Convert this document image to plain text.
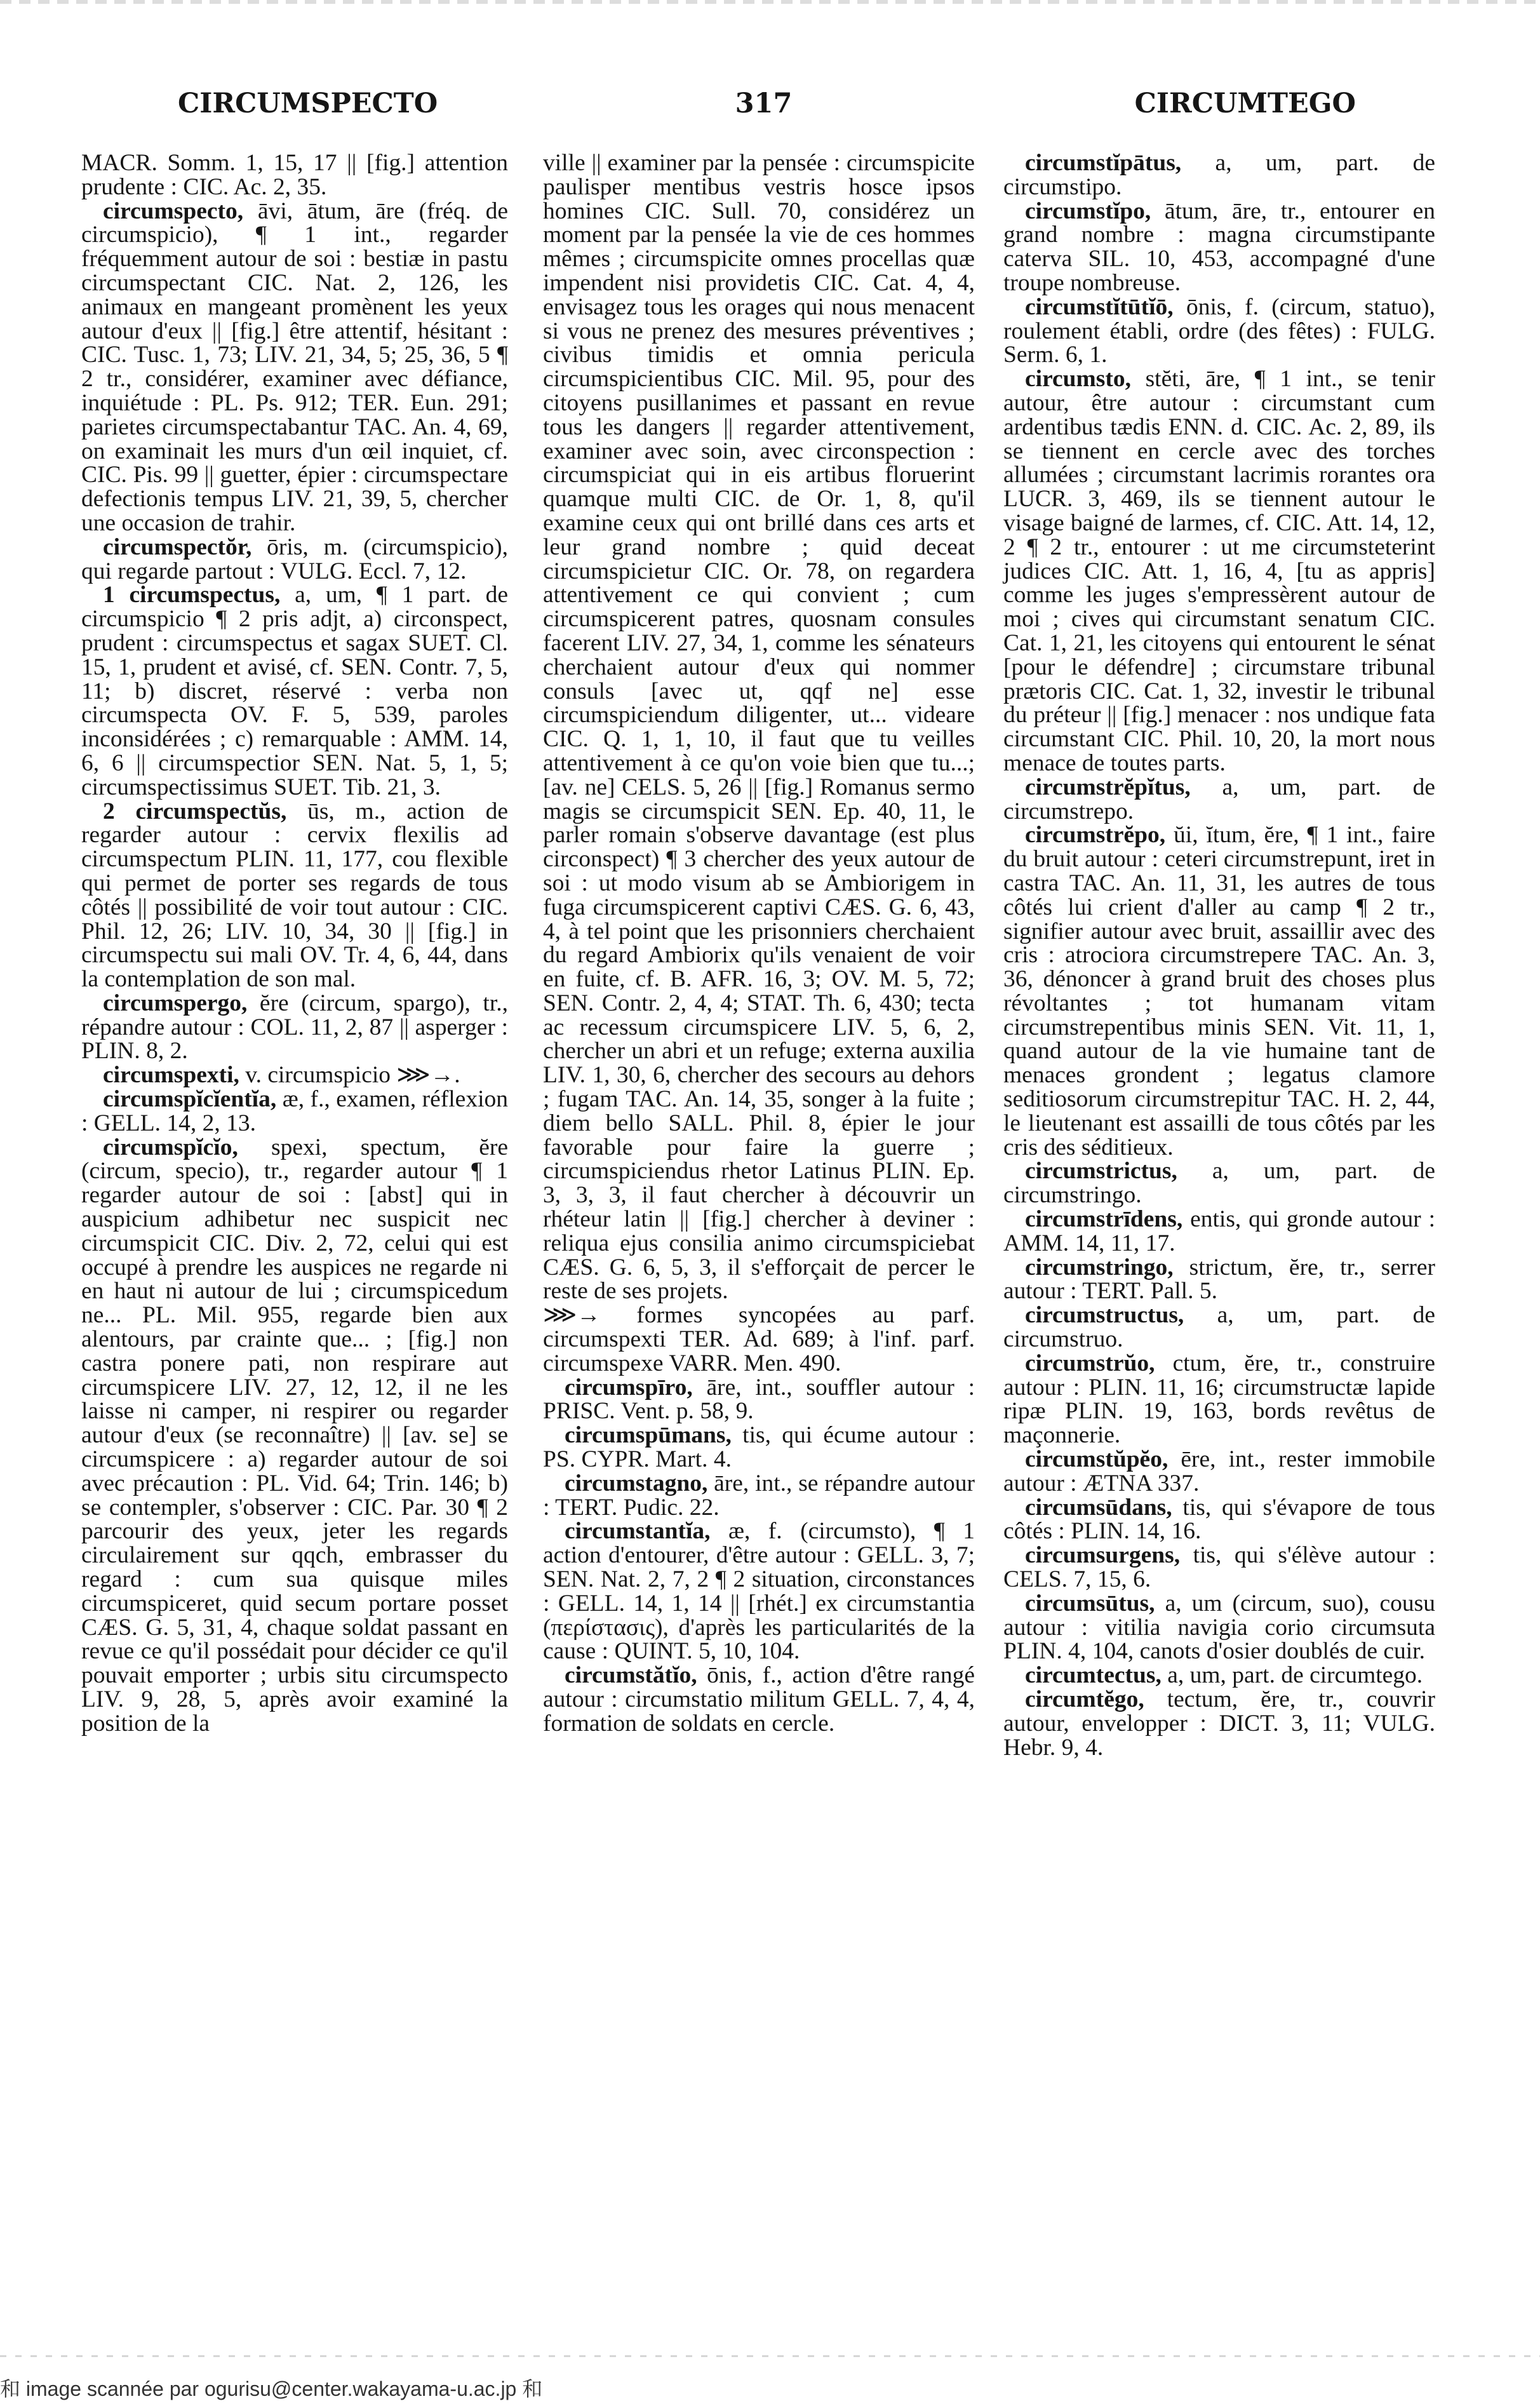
CIRCUMSPECTO	317	CIRCUMTEGO

MACR. Somm. 1, 15, 17 || [fig.] attention prudente : CIC. Ac. 2, 35.

circumspecto, āvi, ātum, āre (fréq. de circumspicio), ¶ 1 int., regarder fréquemment autour de soi : bestiæ in pastu circumspectant CIC. Nat. 2, 126, les animaux en mangeant promènent les yeux autour d'eux || [fig.] être attentif, hésitant : CIC. Tusc. 1, 73; LIV. 21, 34, 5; 25, 36, 5 ¶ 2 tr., considérer, examiner avec défiance, inquiétude : PL. Ps. 912; TER. Eun. 291; parietes circumspectabantur TAC. An. 4, 69, on examinait les murs d'un œil inquiet, cf. CIC. Pis. 99 || guetter, épier : circumspectare defectionis tempus LIV. 21, 39, 5, chercher une occasion de trahir.

circumspectŏr, ōris, m. (circumspicio), qui regarde partout : VULG. Eccl. 7, 12.

1 circumspectus, a, um, ¶ 1 part. de circumspicio ¶ 2 pris adjt, a) circonspect, prudent : circumspectus et sagax SUET. Cl. 15, 1, prudent et avisé, cf. SEN. Contr. 7, 5, 11; b) discret, réservé : verba non circumspecta OV. F. 5, 539, paroles inconsidérées ; c) remarquable : AMM. 14, 6, 6 || circumspectior SEN. Nat. 5, 1, 5; circumspectissimus SUET. Tib. 21, 3.

2 circumspectŭs, ūs, m., action de regarder autour : cervix flexilis ad circumspectum PLIN. 11, 177, cou flexible qui permet de porter ses regards de tous côtés || possibilité de voir tout autour : CIC. Phil. 12, 26; LIV. 10, 34, 30 || [fig.] in circumspectu sui mali OV. Tr. 4, 6, 44, dans la contemplation de son mal.

circumspergo, ĕre (circum, spargo), tr., répandre autour : COL. 11, 2, 87 || asperger : PLIN. 8, 2.

circumspexti, v. circumspicio ⋙→.

circumspĭcĭentĭa, æ, f., examen, réflexion : GELL. 14, 2, 13.

circumspĭcĭo, spexi, spectum, ĕre (circum, specio), tr., regarder autour ¶ 1 regarder autour de soi : [abst] qui in auspicium adhibetur nec suspicit nec circumspicit CIC. Div. 2, 72, celui qui est occupé à prendre les auspices ne regarde ni en haut ni autour de lui ; circumspicedum ne... PL. Mil. 955, regarde bien aux alentours, par crainte que... ; [fig.] non castra ponere pati, non respirare aut circumspicere LIV. 27, 12, 12, il ne les laisse ni camper, ni respirer ou regarder autour d'eux (se reconnaître) || [av. se] se circumspicere : a) regarder autour de soi avec précaution : PL. Vid. 64; Trin. 146; b) se contempler, s'observer : CIC. Par. 30 ¶ 2 parcourir des yeux, jeter les regards circulairement sur qqch, embrasser du regard : cum sua quisque miles circumspiceret, quid secum portare posset CÆS. G. 5, 31, 4, chaque soldat passant en revue ce qu'il possédait pour décider ce qu'il pouvait emporter ; urbis situ circumspecto LIV. 9, 28, 5, après avoir examiné la position de la

ville || examiner par la pensée : circumspicite paulisper mentibus vestris hosce ipsos homines CIC. Sull. 70, considérez un moment par la pensée la vie de ces hommes mêmes ; circumspicite omnes procellas quæ impendent nisi providetis CIC. Cat. 4, 4, envisagez tous les orages qui nous menacent si vous ne prenez des mesures préventives ; civibus timidis et omnia pericula circumspicientibus CIC. Mil. 95, pour des citoyens pusillanimes et passant en revue tous les dangers || regarder attentivement, examiner avec soin, avec circonspection : circumspiciat qui in eis artibus floruerint quamque multi CIC. de Or. 1, 8, qu'il examine ceux qui ont brillé dans ces arts et leur grand nombre ; quid deceat circumspicietur CIC. Or. 78, on regardera attentivement ce qui convient ; cum circumspicerent patres, quosnam consules facerent LIV. 27, 34, 1, comme les sénateurs cherchaient autour d'eux qui nommer consuls [avec ut, qqf ne] esse circumspiciendum diligenter, ut... videare CIC. Q. 1, 1, 10, il faut que tu veilles attentivement à ce qu'on voie bien que tu...; [av. ne] CELS. 5, 26 || [fig.] Romanus sermo magis se circumspicit SEN. Ep. 40, 11, le parler romain s'observe davantage (est plus circonspect) ¶ 3 chercher des yeux autour de soi : ut modo visum ab se Ambiorigem in fuga circumspicerent captivi CÆS. G. 6, 43, 4, à tel point que les prisonniers cherchaient du regard Ambiorix qu'ils venaient de voir en fuite, cf. B. AFR. 16, 3; OV. M. 5, 72; SEN. Contr. 2, 4, 4; STAT. Th. 6, 430; tecta ac recessum circumspicere LIV. 5, 6, 2, chercher un abri et un refuge; externa auxilia LIV. 1, 30, 6, chercher des secours au dehors ; fugam TAC. An. 14, 35, songer à la fuite ; diem bello SALL. Phil. 8, épier le jour favorable pour faire la guerre ; circumspiciendus rhetor Latinus PLIN. Ep. 3, 3, 3, il faut chercher à découvrir un rhéteur latin || [fig.] chercher à deviner : reliqua ejus consilia animo circumspiciebat CÆS. G. 6, 5, 3, il s'efforçait de percer le reste de ses projets.

⋙→ formes syncopées au parf. circumspexti TER. Ad. 689; à l'inf. parf. circumspexe VARR. Men. 490.

circumspīro, āre, int., souffler autour : PRISC. Vent. p. 58, 9.

circumspūmans, tis, qui écume autour : PS. CYPR. Mart. 4.

circumstagno, āre, int., se répandre autour : TERT. Pudic. 22.

circumstantĭa, æ, f. (circumsto), ¶ 1 action d'entourer, d'être autour : GELL. 3, 7; SEN. Nat. 2, 7, 2 ¶ 2 situation, circonstances : GELL. 14, 1, 14 || [rhét.] ex circumstantia (περίστασις), d'après les particularités de la cause : QUINT. 5, 10, 104.

circumstătĭo, ōnis, f., action d'être rangé autour : circumstatio militum GELL. 7, 4, 4, formation de soldats en cercle.

circumstĭpātus, a, um, part. de circumstipo.

circumstĭpo, ātum, āre, tr., entourer en grand nombre : magna circumstipante caterva SIL. 10, 453, accompagné d'une troupe nombreuse.

circumstĭtūtĭō, ōnis, f. (circum, statuo), roulement établi, ordre (des fêtes) : FULG. Serm. 6, 1.

circumsto, stĕti, āre, ¶ 1 int., se tenir autour, être autour : circumstant cum ardentibus tædis ENN. d. CIC. Ac. 2, 89, ils se tiennent en cercle avec des torches allumées ; circumstant lacrimis rorantes ora LUCR. 3, 469, ils se tiennent autour le visage baigné de larmes, cf. CIC. Att. 14, 12, 2 ¶ 2 tr., entourer : ut me circumsteterint judices CIC. Att. 1, 16, 4, [tu as appris] comme les juges s'empressèrent autour de moi ; cives qui circumstant senatum CIC. Cat. 1, 21, les citoyens qui entourent le sénat [pour le défendre] ; circumstare tribunal prætoris CIC. Cat. 1, 32, investir le tribunal du préteur || [fig.] menacer : nos undique fata circumstant CIC. Phil. 10, 20, la mort nous menace de toutes parts.

circumstrĕpĭtus, a, um, part. de circumstrepo.

circumstrĕpo, ŭi, ĭtum, ĕre, ¶ 1 int., faire du bruit autour : ceteri circumstrepunt, iret in castra TAC. An. 11, 31, les autres de tous côtés lui crient d'aller au camp ¶ 2 tr., signifier autour avec bruit, assaillir avec des cris : atrociora circumstrepere TAC. An. 3, 36, dénoncer à grand bruit des choses plus révoltantes ; tot humanam vitam circumstrepentibus minis SEN. Vit. 11, 1, quand autour de la vie humaine tant de menaces grondent ; legatus clamore seditiosorum circumstrepitur TAC. H. 2, 44, le lieutenant est assailli de tous côtés par les cris des séditieux.

circumstrictus, a, um, part. de circumstringo.

circumstrīdens, entis, qui gronde autour : AMM. 14, 11, 17.

circumstringo, strictum, ĕre, tr., serrer autour : TERT. Pall. 5.

circumstructus, a, um, part. de circumstruo.

circumstrŭo, ctum, ĕre, tr., construire autour : PLIN. 11, 16; circumstructæ lapide ripæ PLIN. 19, 163, bords revêtus de maçonnerie.

circumstŭpĕo, ēre, int., rester immobile autour : ÆTNA 337.

circumsūdans, tis, qui s'évapore de tous côtés : PLIN. 14, 16.

circumsurgens, tis, qui s'élève autour : CELS. 7, 15, 6.

circumsūtus, a, um (circum, suo), cousu autour : vitilia navigia corio circumsuta PLIN. 4, 104, canots d'osier doublés de cuir.

circumtectus, a, um, part. de circumtego.

circumtĕgo, tectum, ĕre, tr., couvrir autour, envelopper : DICT. 3, 11; VULG. Hebr. 9, 4.

和 image scannée par ogurisu@center.wakayama-u.ac.jp 和
